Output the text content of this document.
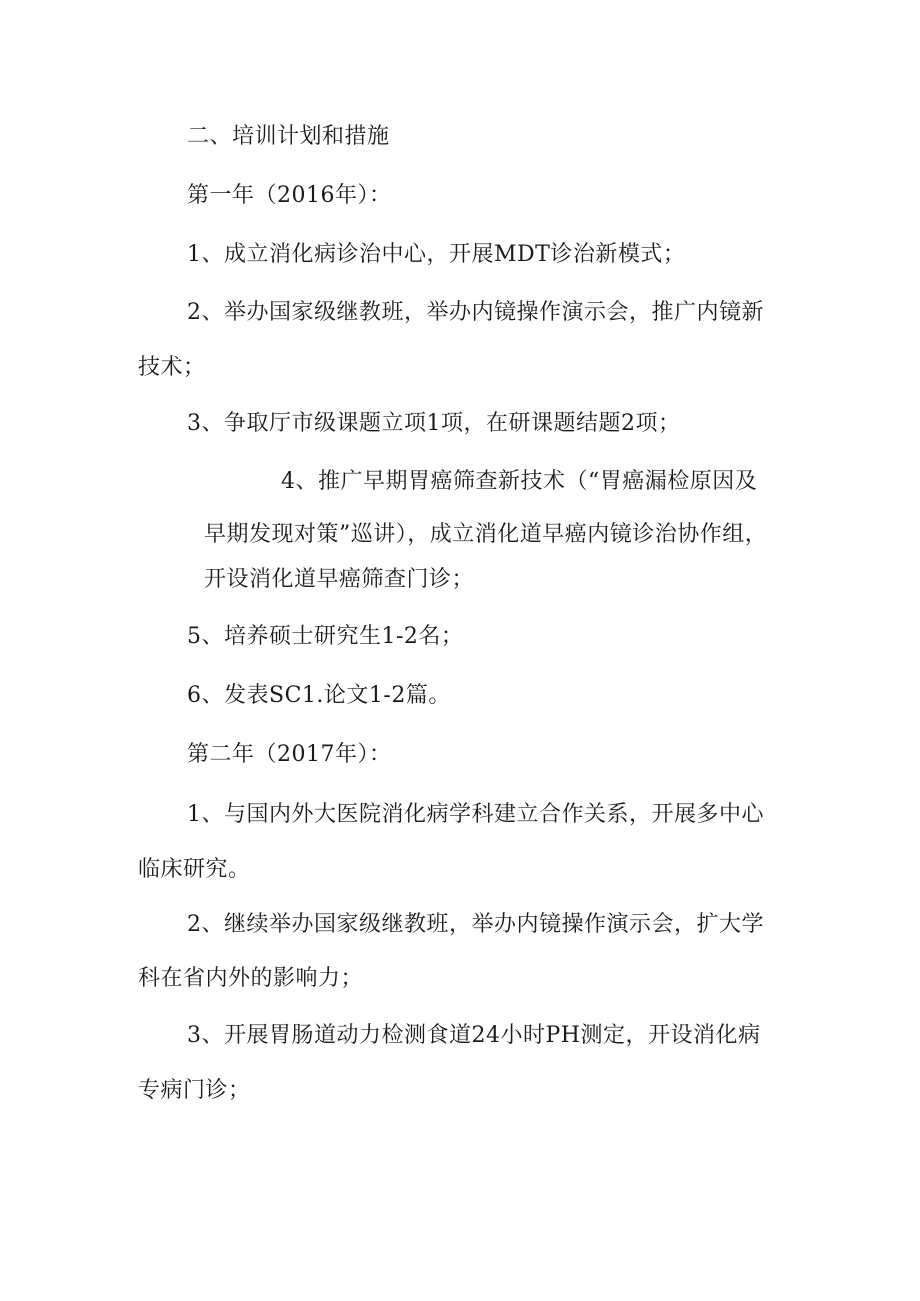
二、培训计划和措施
第一年（2016年）：
1、成立消化病诊治中心，开展MDT诊治新模式；
2、举办国家级继教班，举办内镜操作演示会，推广内镜新
技术；
3、争取厅市级课题立项1项，在研课题结题2项；
4、推广早期胃癌筛查新技术（“胃癌漏检原因及
早期发现对策”巡讲），成立消化道早癌内镜诊治协作组，
开设消化道早癌筛查门诊；
5、培养硕士研究生1-2名；
6、发表SC1.论文1-2篇。
第二年（2017年）：
1、与国内外大医院消化病学科建立合作关系，开展多中心
临床研究。
2、继续举办国家级继教班，举办内镜操作演示会，扩大学
科在省内外的影响力；
3、开展胃肠道动力检测食道24小时PH测定，开设消化病
专病门诊；
